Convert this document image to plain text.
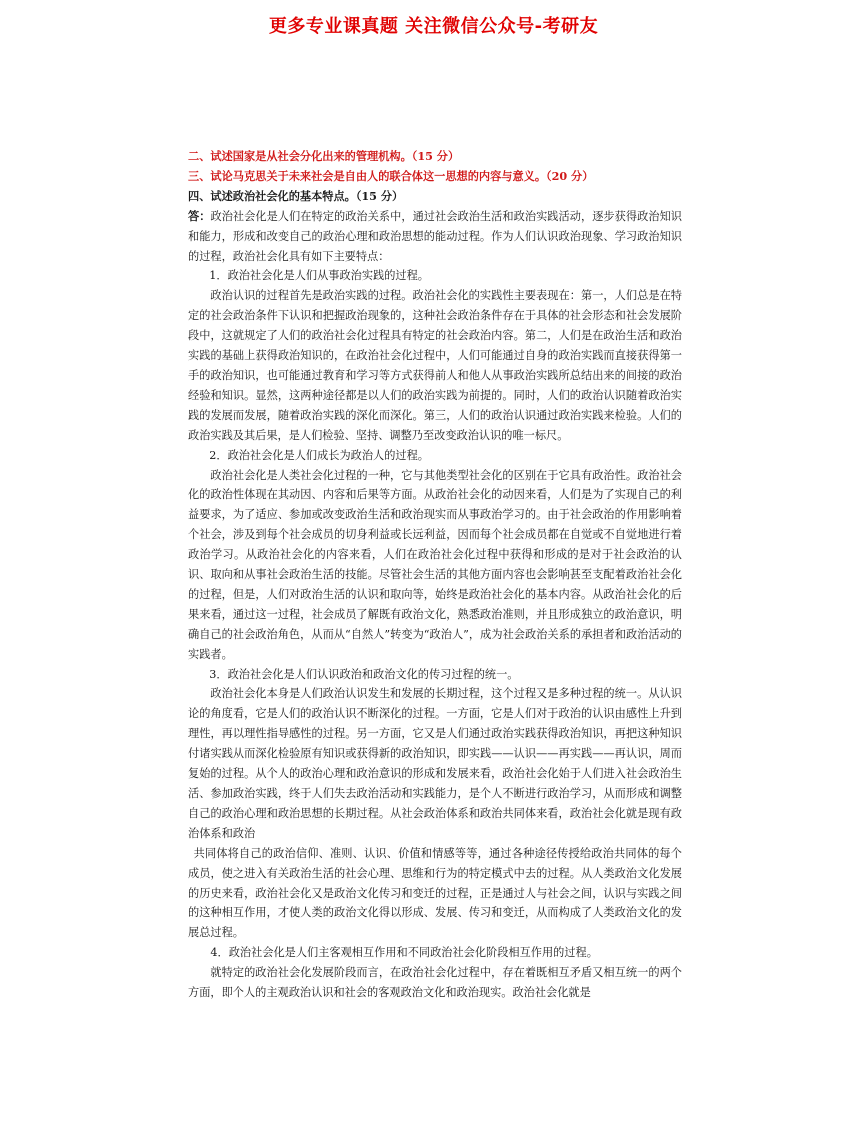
更多专业课真题 关注微信公众号-考研友

二、试述国家是从社会分化出来的管理机构。（15 分）

三、试论马克思关于未来社会是自由人的联合体这一思想的内容与意义。（20 分）

四、试述政治社会化的基本特点。（15 分）

答：政治社会化是人们在特定的政治关系中，通过社会政治生活和政治实践活动，逐步获得政治知识和能力，形成和改变自己的政治心理和政治思想的能动过程。作为人们认识政治现象、学习政治知识的过程，政治社会化具有如下主要特点：

1．政治社会化是人们从事政治实践的过程。

政治认识的过程首先是政治实践的过程。政治社会化的实践性主要表现在：第一，人们总是在特定的社会政治条件下认识和把握政治现象的，这种社会政治条件存在于具体的社会形态和社会发展阶段中，这就规定了人们的政治社会化过程具有特定的社会政治内容。第二，人们是在政治生活和政治实践的基础上获得政治知识的，在政治社会化过程中，人们可能通过自身的政治实践而直接获得第一手的政治知识，也可能通过教育和学习等方式获得前人和他人从事政治实践所总结出来的间接的政治经验和知识。显然，这两种途径都是以人们的政治实践为前提的。同时，人们的政治认识随着政治实践的发展而发展，随着政治实践的深化而深化。第三，人们的政治认识通过政治实践来检验。人们的政治实践及其后果，是人们检验、坚持、调整乃至改变政治认识的唯一标尺。

2．政治社会化是人们成长为政治人的过程。

政治社会化是人类社会化过程的一种，它与其他类型社会化的区别在于它具有政治性。政治社会化的政治性体现在其动因、内容和后果等方面。从政治社会化的动因来看，人们是为了实现自己的利益要求，为了适应、参加或改变政治生活和政治现实而从事政治学习的。由于社会政治的作用影响着个社会，涉及到每个社会成员的切身利益或长远利益，因而每个社会成员都在自觉或不自觉地进行着政治学习。从政治社会化的内容来看，人们在政治社会化过程中获得和形成的是对于社会政治的认识、取向和从事社会政治生活的技能。尽管社会生活的其他方面内容也会影响甚至支配着政治社会化的过程，但是，人们对政治生活的认识和取向等，始终是政治社会化的基本内容。从政治社会化的后果来看，通过这一过程，社会成员了解既有政治文化，熟悉政治准则，并且形成独立的政治意识，明确自己的社会政治角色，从而从“自然人”转变为“政治人”，成为社会政治关系的承担者和政治活动的实践者。

3．政治社会化是人们认识政治和政治文化的传习过程的统一。

政治社会化本身是人们政治认识发生和发展的长期过程，这个过程又是多种过程的统一。从认识论的角度看，它是人们的政治认识不断深化的过程。一方面，它是人们对于政治的认识由感性上升到理性，再以理性指导感性的过程。另一方面，它又是人们通过政治实践获得政治知识，再把这种知识付诸实践从而深化检验原有知识或获得新的政治知识，即实践——认识——再实践——再认识，周而复始的过程。从个人的政治心理和政治意识的形成和发展来看，政治社会化始于人们进入社会政治生活、参加政治实践，终于人们失去政治活动和实践能力，是个人不断进行政治学习，从而形成和调整自己的政治心理和政治思想的长期过程。从社会政治体系和政治共同体来看，政治社会化就是现有政治体系和政治

共同体将自己的政治信仰、准则、认识、价值和情感等等，通过各种途径传授给政治共同体的每个成员，使之进入有关政治生活的社会心理、思维和行为的特定模式中去的过程。从人类政治文化发展的历史来看，政治社会化又是政治文化传习和变迁的过程，正是通过人与社会之间，认识与实践之间的这种相互作用，才使人类的政治文化得以形成、发展、传习和变迁，从而构成了人类政治文化的发展总过程。

4．政治社会化是人们主客观相互作用和不同政治社会化阶段相互作用的过程。

就特定的政治社会化发展阶段而言，在政治社会化过程中，存在着既相互矛盾又相互统一的两个方面，即个人的主观政治认识和社会的客观政治文化和政治现实。政治社会化就是
